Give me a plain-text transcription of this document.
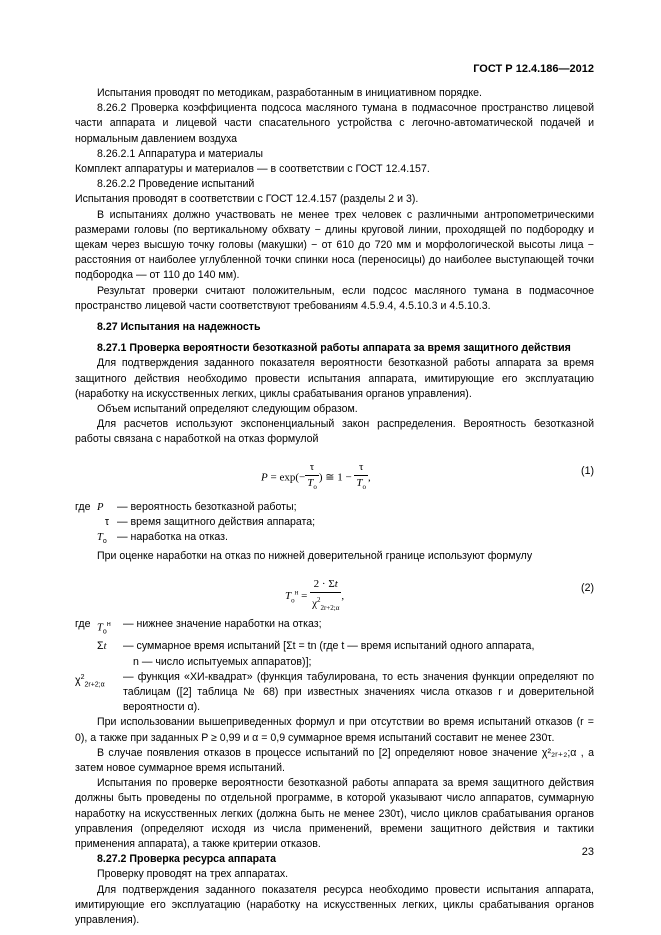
ГОСТ Р 12.4.186—2012

Испытания проводят по методикам, разработанным в инициативном порядке.

8.26.2 Проверка коэффициента подсоса масляного тумана в подмасочное пространство лицевой части аппарата и лицевой части спасательного устройства с легочно-автоматической подачей и нормальным давлением воздуха

8.26.2.1 Аппаратура и материалы

Комплект аппаратуры и материалов — в соответствии с ГОСТ 12.4.157.

8.26.2.2 Проведение испытаний

Испытания проводят в соответствии с ГОСТ 12.4.157 (разделы 2 и 3).

В испытаниях должно участвовать не менее трех человек с различными антропометрическими размерами головы (по вертикальному обхвату − длины круговой линии, проходящей по подбородку и щекам через высшую точку головы (макушки) − от 610 до 720 мм и морфологической высоты лица − расстояния от наиболее углубленной точки спинки носа (переносицы) до наиболее выступающей точки подбородка — от 110 до 140 мм).

Результат проверки считают положительным, если подсос масляного тумана в подмасочное пространство лицевой части соответствуют требованиям 4.5.9.4, 4.5.10.3 и 4.5.10.3.

8.27 Испытания на надежность

8.27.1 Проверка вероятности безотказной работы аппарата за время защитного действия

Для подтверждения заданного показателя вероятности безотказной работы аппарата за время защитного действия необходимо провести испытания аппарата, имитирующие его эксплуатацию (наработку на искусственных легких, циклы срабатывания органов управления).

Объем испытаний определяют следующим образом.

Для расчетов используют экспоненциальный закон распределения. Вероятность безотказной работы связана с наработкой на отказ формулой

$P = \exp(- \frac{\tau}{T_o}$ ) ≅ $1 - \frac{\tau}{T_o}$ ,
(1)
где	P	— вероятность безотказной работы;
	τ	— время защитного действия аппарата;
	$T_o$	— наработка на отказ.

При оценке наработки на отказ по нижней доверительной границе используют формулу

$T_o^н = \frac{2 \cdot \Sigma t}{\chi^2_{2r+2;\alpha}}$ ,
(2)
где	$T_o^н$	— нижнее значение наработки на отказ;
	Σt	— суммарное время испытаний [Σt = tn (где t — время испытаний одного аппарата,
		n — число испытуемых аппаратов)];
$\chi^2_{2r+2;\alpha}$		— функция «ХИ-квадрат» (функция табулирована, то есть значения функции определяют по таблицам ([2] таблица № 68) при известных значениях числа отказов r и доверительной вероятности α).

При использовании вышеприведенных формул и при отсутствии во время испытаний отказов (r = 0), а также при заданных P ≥ 0,99 и α = 0,9 суммарное время испытаний составит не менее 230τ.

В случае появления отказов в процессе испытаний по [2] определяют новое значение χ²₂ᵣ₊₂;α , а затем новое суммарное время испытаний.

Испытания по проверке вероятности безотказной работы аппарата за время защитного действия должны быть проведены по отдельной программе, в которой указывают число аппаратов, суммарную наработку на искусственных легких (должна быть не менее 230τ), число циклов срабатывания органов управления (определяют исходя из числа применений, времени защитного действия и тактики применения аппарата), а также критерии отказов.

8.27.2 Проверка ресурса аппарата

Проверку проводят на трех аппаратах.

Для подтверждения заданного показателя ресурса необходимо провести испытания аппарата, имитирующие его эксплуатацию (наработку на искусственных легких, циклы срабатывания органов управления).

23
